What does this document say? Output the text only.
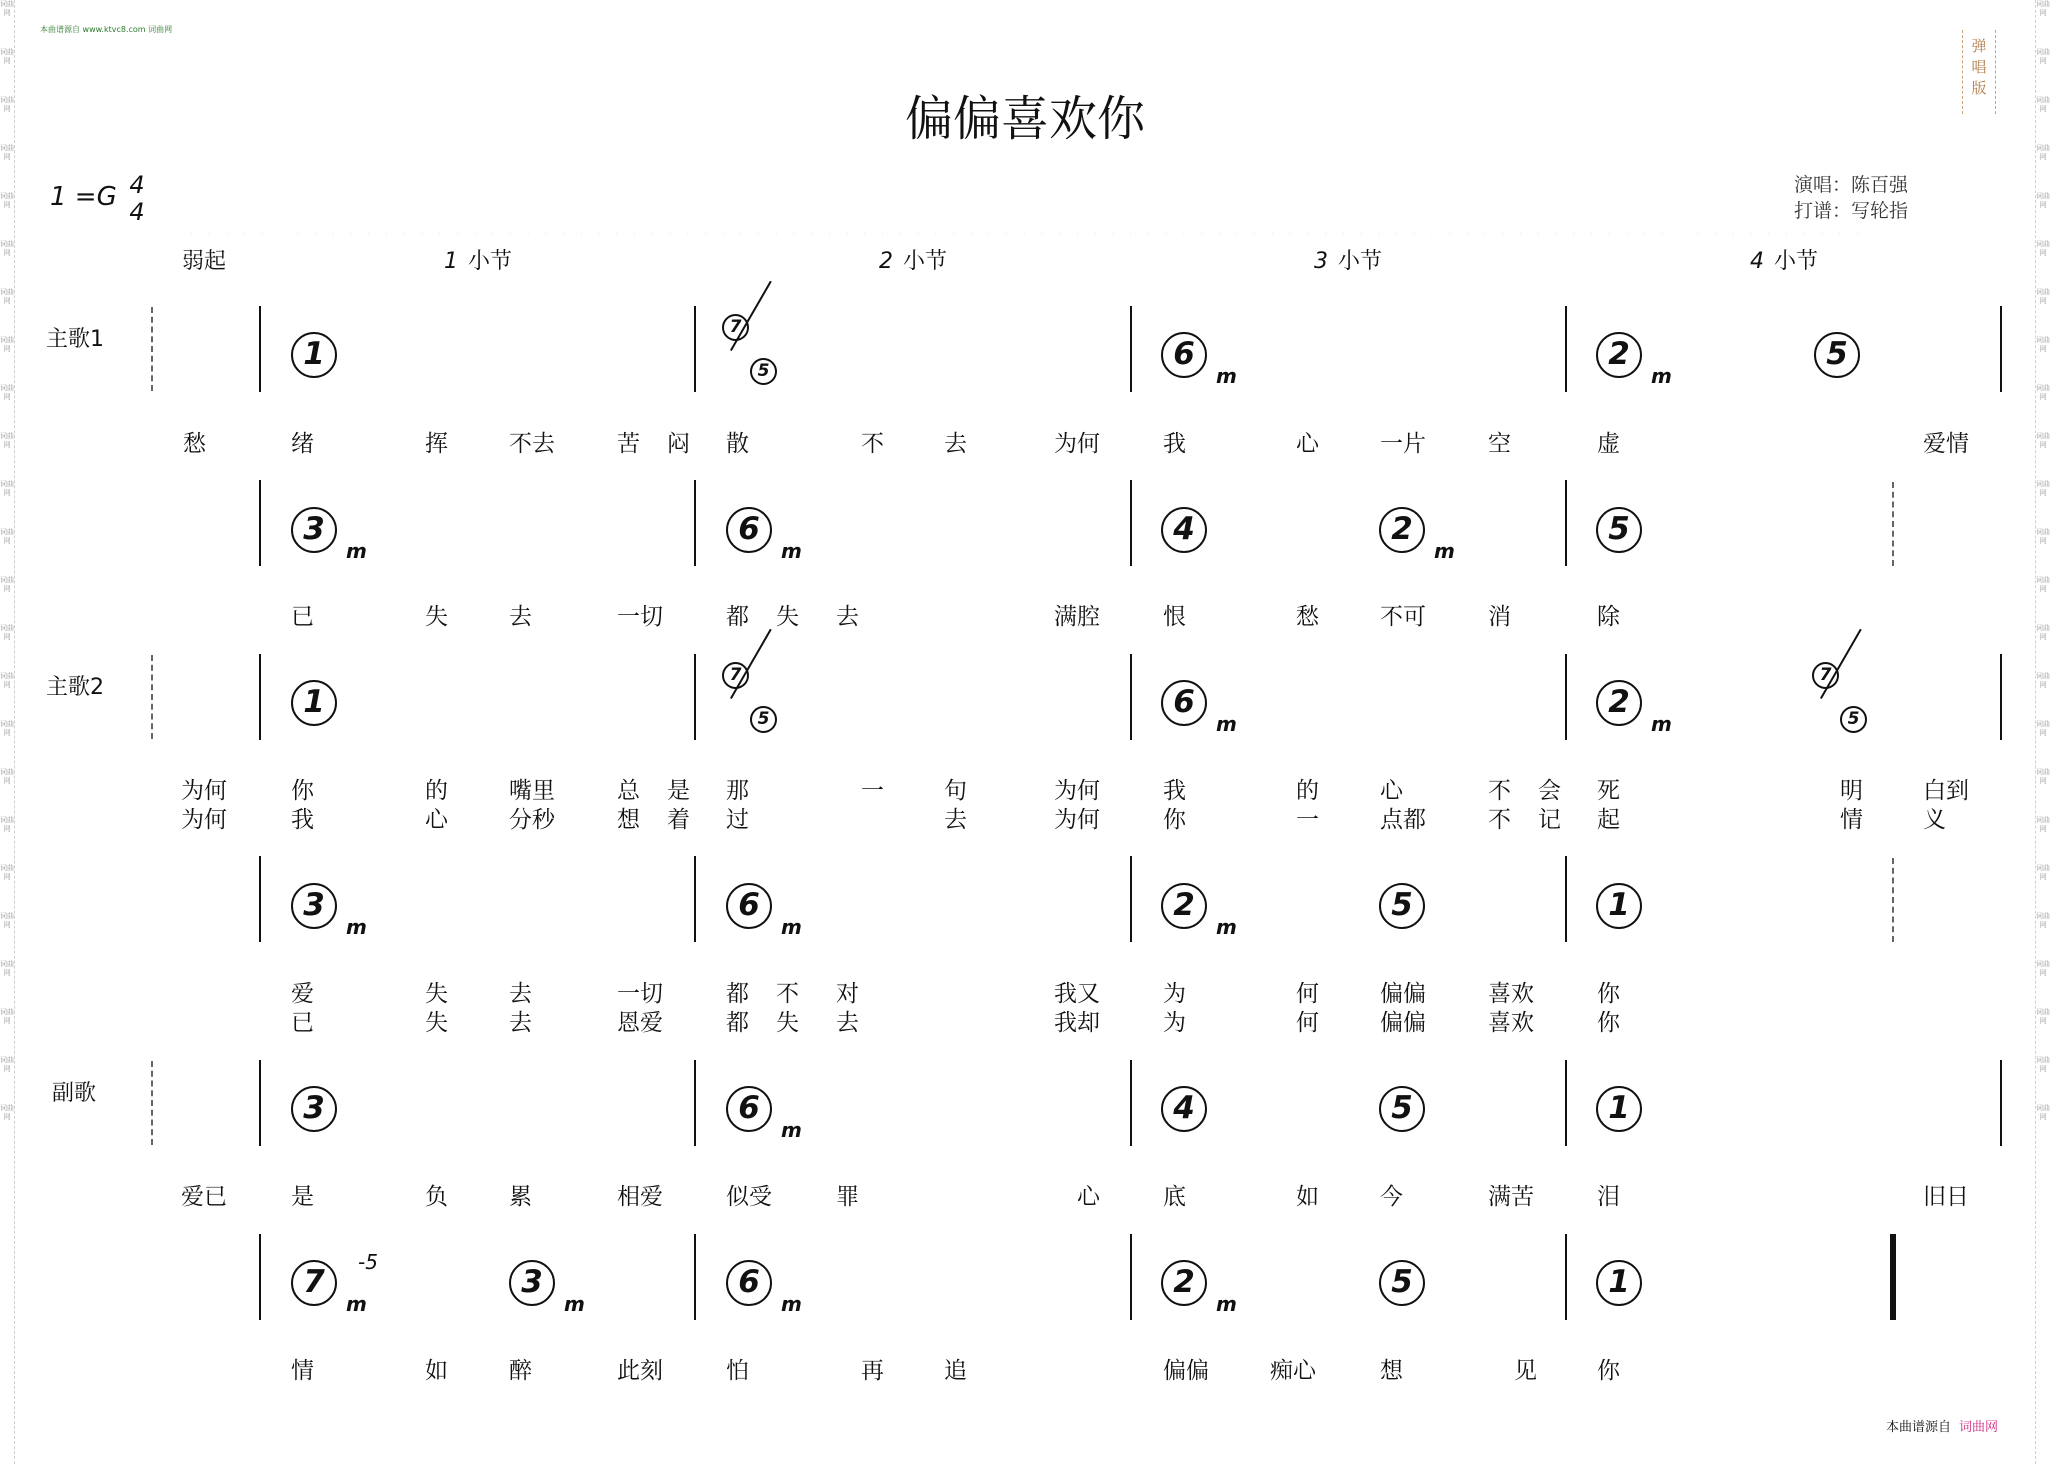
词曲网
词曲网
词曲网
词曲网
词曲网
词曲网
词曲网
词曲网
词曲网
词曲网
词曲网
词曲网
词曲网
词曲网
词曲网
词曲网
词曲网
词曲网
词曲网
词曲网
词曲网
词曲网
词曲网
词曲网
词曲网
词曲网
词曲网
词曲网
词曲网
词曲网
词曲网
词曲网
词曲网
词曲网
词曲网
词曲网
词曲网
词曲网
词曲网
词曲网
词曲网
词曲网
词曲网
词曲网
词曲网
词曲网
词曲网
词曲网
本曲谱源自 www.ktvc8.com 词曲网
弹
唱
版
偏偏喜欢你
1 =G 4
4
演唱：陈百强
打谱：写轮指
· · · · · · · · · · · · · · · · · · · · · · · · · · · · · · · · · · · · · · · · · · · · · · · · · · · · · · · · · · · · · · · · · · · · · · · · · · · · · · · · · · · · · · · · · · · · · · ·
弱起	1 小节	2 小节	3 小节	4 小节
主歌1
主歌2
副歌
1
7
5	6
m
2
m
5
愁	绪	挥	不去	苦 闷 散	不	去	为何	我	心	一片	空	虚	爱情
3
m
6
m
4	2
m
5
已	失	去	一切	都 失 去	满腔	恨	愁	不可	消	除
1
7
5	6
m
2
m
7
5
为何	你	的	嘴里	总 是 那	一	句	为何	我	的	心	不 会 死	明	白到
为何	我	心	分秒	想 着 过	去	为何	你	一	点都	不 记 起	情	义
3
m
6
m
2
m
5	1
爱	失	去	一切	都 不 对	我又	为	何	偏偏	喜欢	你
已	失	去	恩爱	都 失 去	我却	为	何	偏偏	喜欢	你
3	6
m
4	5	1
爱已	是	负	累	相爱	似受	罪	心	底	如	今	满苦	泪	旧日
7
m
-5
3
m
6
m
2
m
5	1
情	如	醉	此刻	怕	再	追	偏偏	痴心	想	见	你
本曲谱源自 词曲网
